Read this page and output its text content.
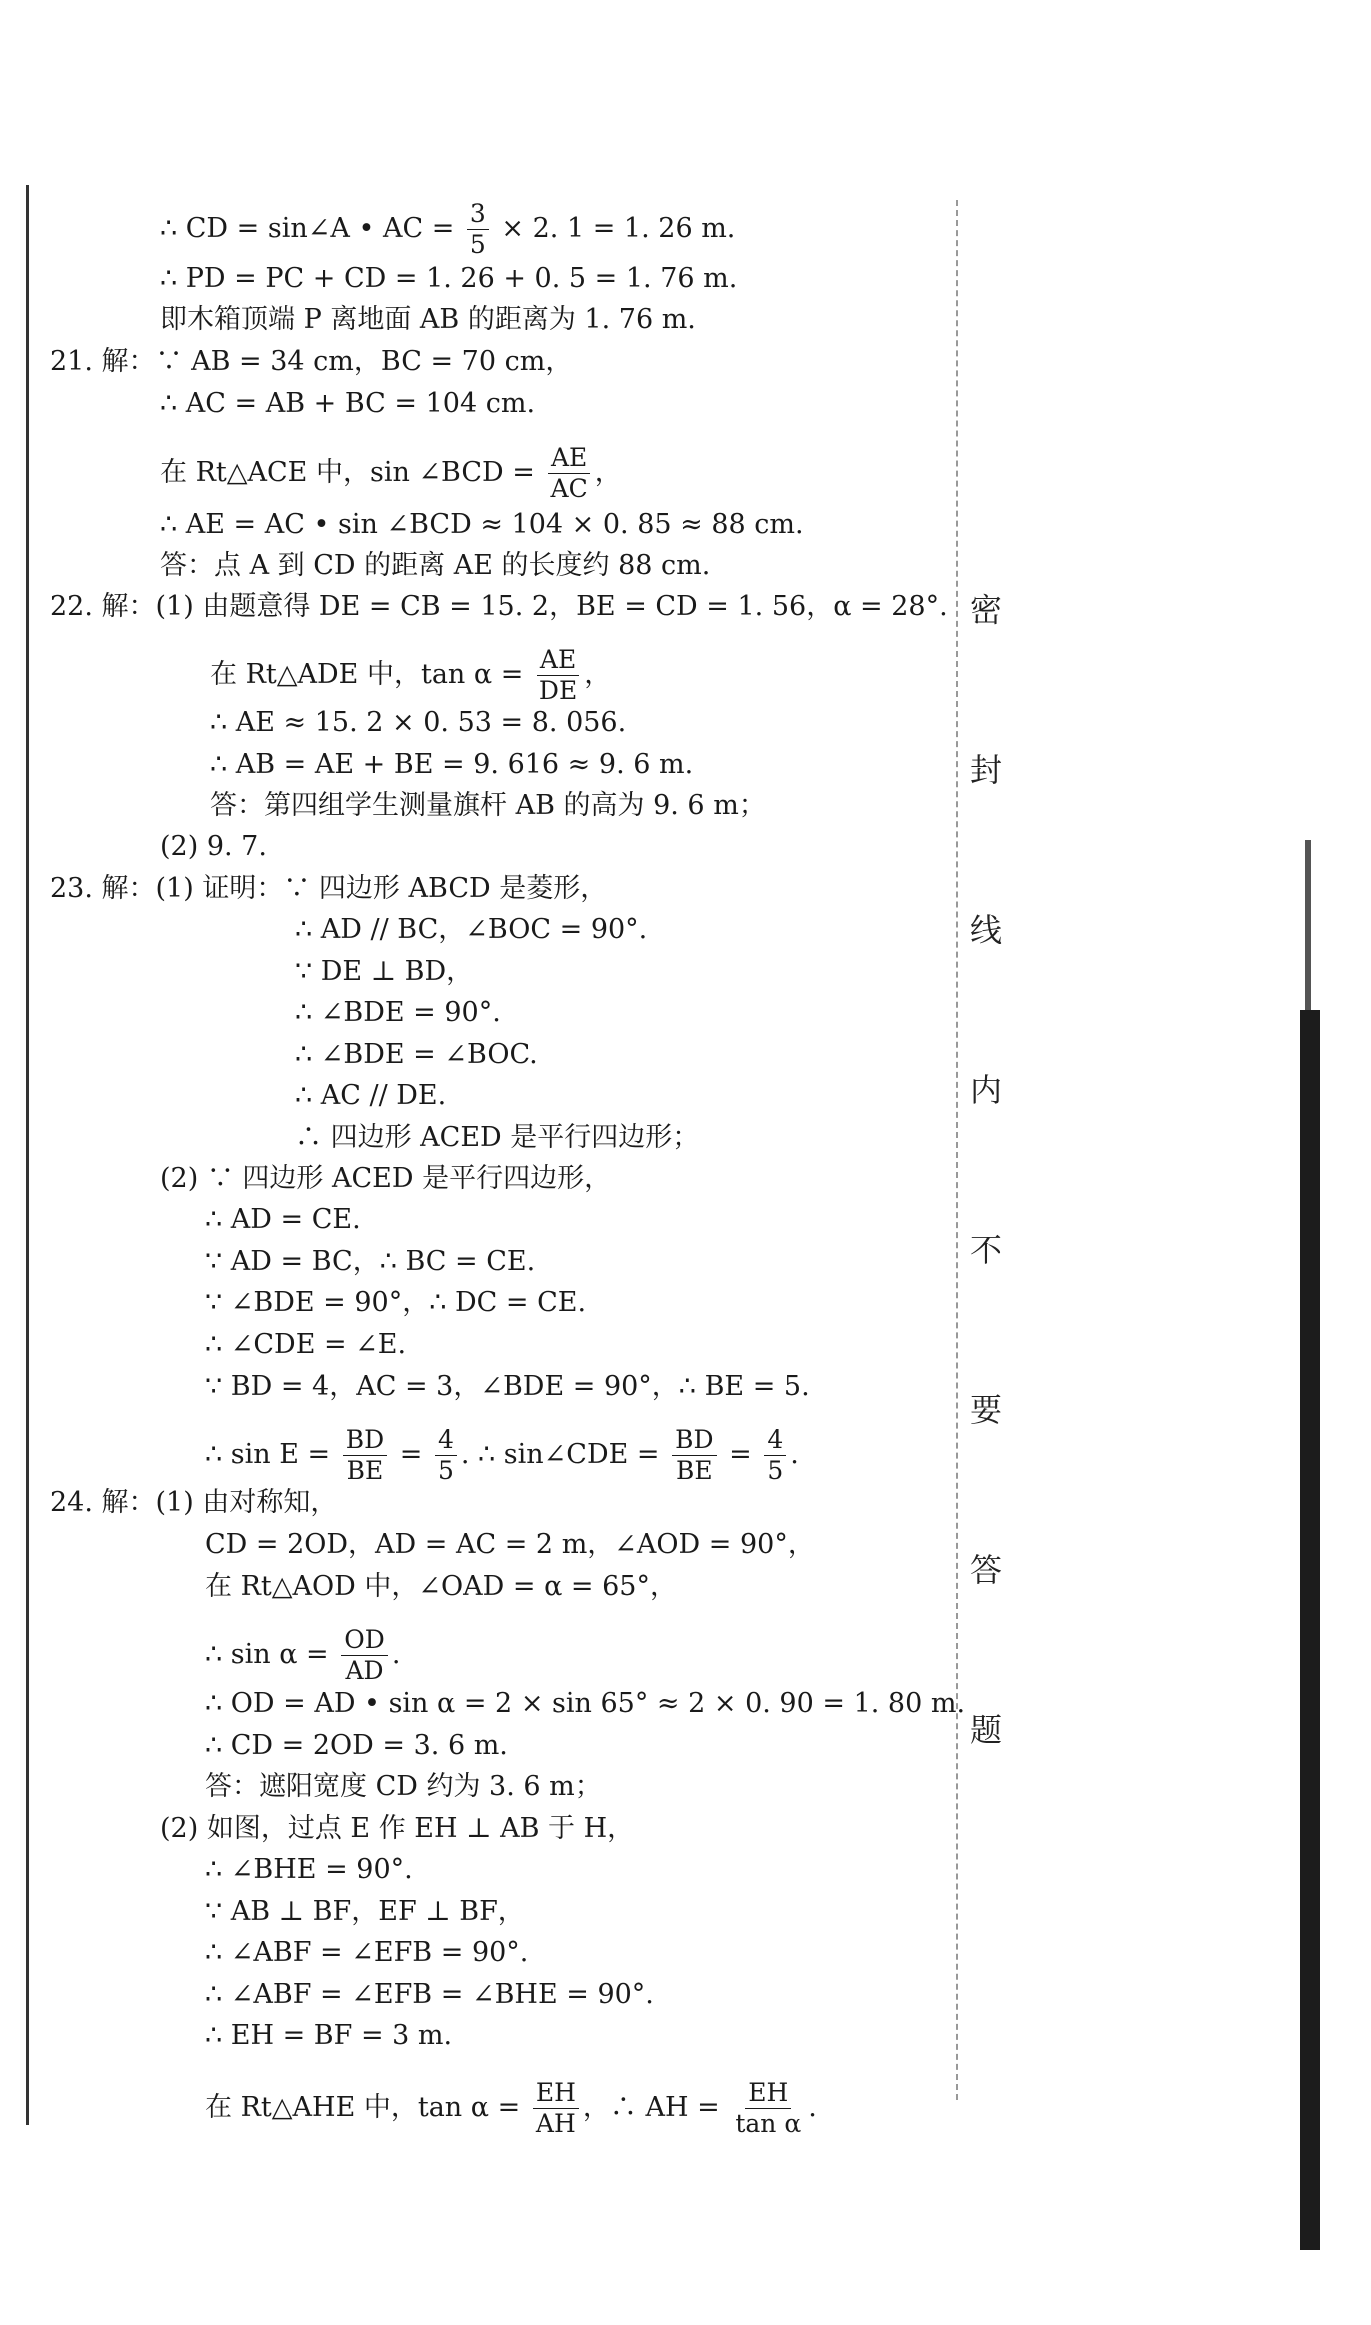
∴ CD = sin∠A • AC = $\frac{3}{5} \times 2$. 1 = 1. 26 m.
∴ PD = PC + CD = 1. 26 + 0. 5 = 1. 76 m.
即木箱顶端 P 离地面 AB 的距离为 1. 76 m.
21. 解：∵ AB = 34 cm，BC = 70 cm，
∴ AC = AB + BC = 104 cm.
在 Rt△ACE 中，sin ∠BCD = $\frac{AE}{AC}$ ，
∴ AE = AC • sin ∠BCD ≈ 104 × 0. 85 ≈ 88 cm.
答：点 A 到 CD 的距离 AE 的长度约 88 cm.
22. 解：(1) 由题意得 DE = CB = 15. 2，BE = CD = 1. 56，α = 28°.
在 Rt△ADE 中，$\tan \alpha = \frac{AE}{DE}$ ，
∴ AE ≈ 15. 2 × 0. 53 = 8. 056.
∴ AB = AE + BE = 9. 616 ≈ 9. 6 m.
答：第四组学生测量旗杆 AB 的高为 9. 6 m；
(2) 9. 7.
23. 解：(1) 证明：∵ 四边形 ABCD 是菱形，
∴ AD // BC，∠BOC = 90°.
∵ DE ⊥ BD，
∴ ∠BDE = 90°.
∴ ∠BDE = ∠BOC.
∴ AC // DE.
∴ 四边形 ACED 是平行四边形；
(2) ∵ 四边形 ACED 是平行四边形，
∴ AD = CE.
∵ AD = BC，∴ BC = CE.
∵ ∠BDE = 90°，∴ DC = CE.
∴ ∠CDE = ∠E.
∵ BD = 4，AC = 3，∠BDE = 90°，∴ BE = 5.
∴ $\sin E = \frac{BD}{BE} = \frac{4}{5}$ . ∴ sin∠CDE = $\frac{BD}{BE} = \frac{4}{5}$ .
24. 解：(1) 由对称知，
CD = 2OD，AD = AC = 2 m，∠AOD = 90°，
在 Rt△AOD 中，∠OAD = α = 65°，
∴ $\sin \alpha = \frac{OD}{AD}$ .
∴ OD = AD • sin α = 2 × sin 65° ≈ 2 × 0. 90 = 1. 80 m.
∴ CD = 2OD = 3. 6 m.
答：遮阳宽度 CD 约为 3. 6 m；
(2) 如图，过点 E 作 EH ⊥ AB 于 H，
∴ ∠BHE = 90°.
∵ AB ⊥ BF，EF ⊥ BF，
∴ ∠ABF = ∠EFB = 90°.
∴ ∠ABF = ∠EFB = ∠BHE = 90°.
∴ EH = BF = 3 m.
在 Rt△AHE 中，$\tan \alpha = \frac{EH}{AH}$ ，∴ AH = $\frac{EH}{\text{tan α}}$ .
密
封
线
内
不
要
答
题
